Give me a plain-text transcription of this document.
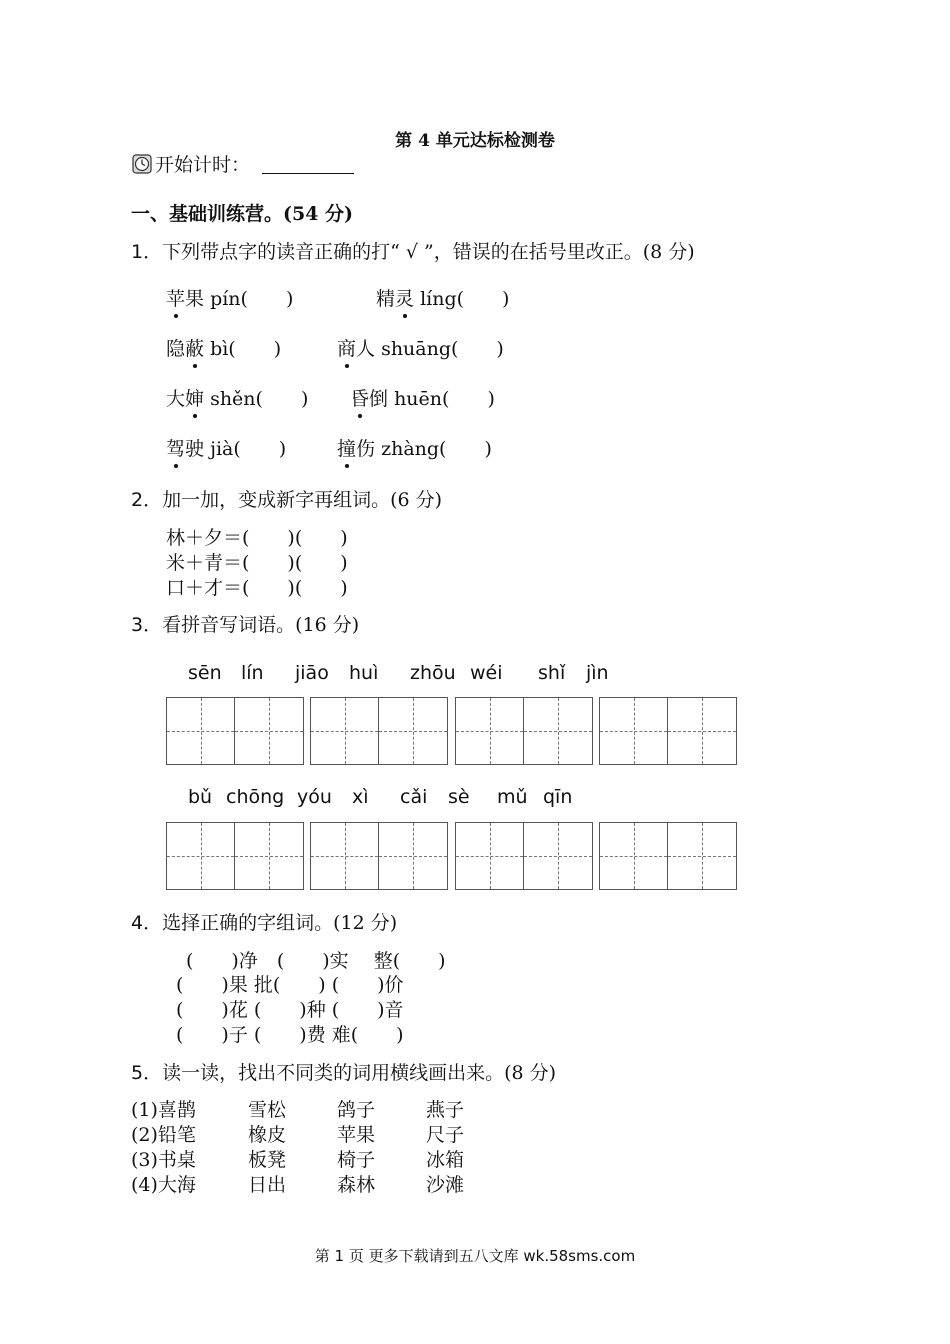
第 4 单元达标检测卷
开始计时：
一、基础训练营。(54 分)
1．下列带点字的读音正确的打“ √ ”，错误的在括号里改正。(8 分)
苹果 pín(　　)	精灵 líng(　　)
隐蔽 bì(　　)	商人 shuāng(　　)
大婶 shěn(　　) 昏倒 huēn(　　)
驾驶 jià(　　)	撞伤 zhàng(　　)
2．加一加，变成新字再组词。(6 分)
林＋夕＝(　　)(　　)
米＋青＝(　　)(　　)
口＋才＝(　　)(　　)
3．看拼音写词语。(16 分)
sēn lín jiāo huì zhōu wéi shǐ jìn
bǔ chōng yóu xì cǎi sè mǔ qīn
4．选择正确的字组词。(12 分)
(　　)净　(　　)实　 整(　　)
(　　)果 批(　　) (　　)价
(　　)花 (　　)种 (　　)音
(　　)子 (　　)费 难(　　)
5．读一读，找出不同类的词用横线画出来。(8 分)
(1)喜鹊	雪松	鸽子	燕子
(2)铅笔	橡皮	苹果	尺子
(3)书桌	板凳	椅子	冰箱
(4)大海	日出	森林	沙滩
第 1 页 更多下载请到五八文库 wk.58sms.com
